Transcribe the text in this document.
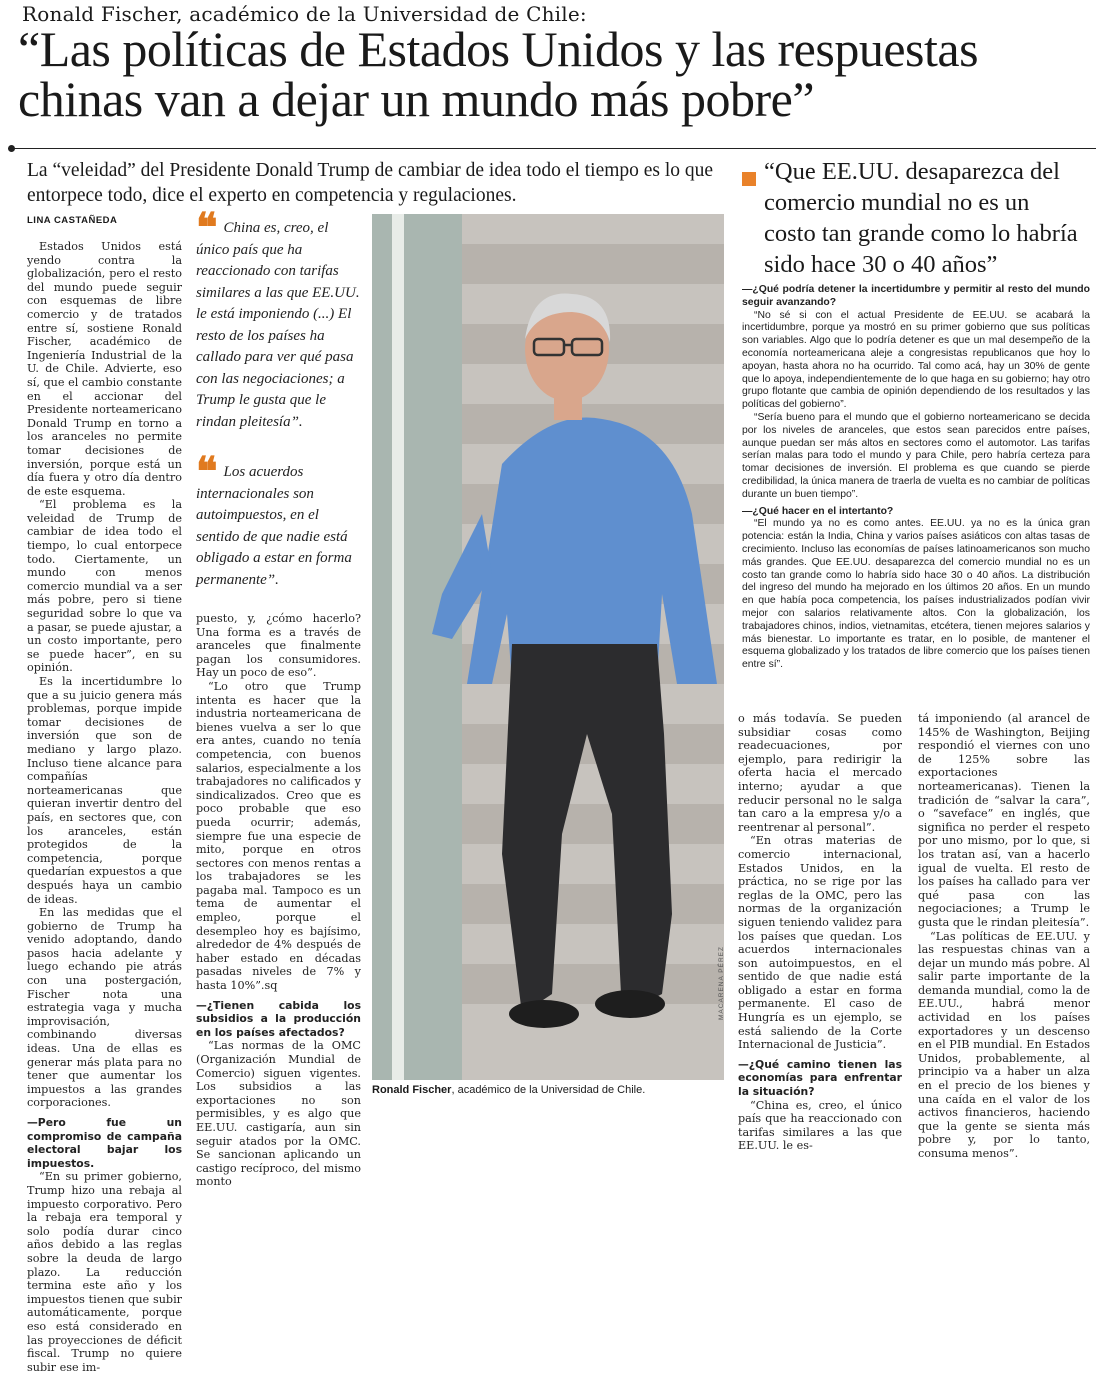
Ronald Fischer, académico de la Universidad de Chile:
“Las políticas de Estados Unidos y las respuestas chinas van a dejar un mundo más pobre”
La “veleidad” del Presidente Donald Trump de cambiar de idea todo el tiempo es lo que entorpece todo, dice el experto en competencia y regulaciones.
LINA CASTAÑEDA

Estados Unidos está yendo contra la globalización, pero el resto del mundo puede seguir con esquemas de libre comercio y de tratados entre sí, sostiene Ronald Fischer, académico de Ingeniería Industrial de la U. de Chile. Advierte, eso sí, que el cambio constante en el accionar del Presidente norteamericano Donald Trump en torno a los aranceles no permite tomar decisiones de inversión, porque está un día fuera y otro día dentro de este esquema.

“El problema es la veleidad de Trump de cambiar de idea todo el tiempo, lo cual entorpece todo. Ciertamente, un mundo con menos comercio mundial va a ser más pobre, pero si tiene seguridad sobre lo que va a pasar, se puede ajustar, a un costo importante, pero se puede hacer”, en su opinión.

Es la incertidumbre lo que a su juicio genera más problemas, porque impide tomar decisiones de inversión que son de mediano y largo plazo. Incluso tiene alcance para compañías norteamericanas que quieran invertir dentro del país, en sectores que, con los aranceles, están protegidos de la competencia, porque quedarían expuestos a que después haya un cambio de ideas.

En las medidas que el gobierno de Trump ha venido adoptando, dando pasos hacia adelante y luego echando pie atrás con una postergación, Fischer nota una estrategia vaga y mucha improvisación, combinando diversas ideas. Una de ellas es generar más plata para no tener que aumentar los impuestos a las grandes corporaciones.

—Pero fue un compromiso de campaña electoral bajar los impuestos.

“En su primer gobierno, Trump hizo una rebaja al impuesto corporativo. Pero la rebaja era temporal y solo podía durar cinco años debido a las reglas sobre la deuda de largo plazo. La reducción termina este año y los impuestos tienen que subir automáticamente, porque eso está considerado en las proyecciones de déficit fiscal. Trump no quiere subir ese im-

❝ China es, creo, el único país que ha reaccionado con tarifas similares a las que EE.UU. le está imponiendo (...) El resto de los países ha callado para ver qué pasa con las negociaciones; a Trump le gusta que le rindan pleitesía”.
❝ Los acuerdos internacionales son autoimpuestos, en el sentido de que nadie está obligado a estar en forma permanente”.

puesto, y, ¿cómo hacerlo? Una forma es a través de aranceles que finalmente pagan los consumidores. Hay un poco de eso”.

“Lo otro que Trump intenta es hacer que la industria norteamericana de bienes vuelva a ser lo que era antes, cuando no tenía competencia, con buenos salarios, especialmente a los trabajadores no calificados y sindicalizados. Creo que es poco probable que eso pueda ocurrir; además, siempre fue una especie de mito, porque en otros sectores con menos rentas a los trabajadores se les pagaba mal. Tampoco es un tema de aumentar el empleo, porque el desempleo hoy es bajísimo, alrededor de 4% después de haber estado en décadas pasadas niveles de 7% y hasta 10%”.sq

—¿Tienen cabida los subsidios a la producción en los países afectados?

“Las normas de la OMC (Organización Mundial de Comercio) siguen vigentes. Los subsidios a las exportaciones no son permisibles, y es algo que EE.UU. castigaría, aun sin seguir atados por la OMC. Se sancionan aplicando un castigo recíproco, del mismo monto

Ronald Fischer, académico de la Universidad de Chile.
MACARENA PÉREZ

o más todavía. Se pueden subsidiar cosas como readecuaciones, por ejemplo, para redirigir la oferta hacia el mercado interno; ayudar a que reducir personal no le salga tan caro a la empresa y/o a reentrenar al personal”.

“En otras materias de comercio internacional, Estados Unidos, en la práctica, no se rige por las reglas de la OMC, pero las normas de la organización siguen teniendo validez para los países que quedan. Los acuerdos internacionales son autoimpuestos, en el sentido de que nadie está obligado a estar en forma permanente. El caso de Hungría es un ejemplo, se está saliendo de la Corte Internacional de Justicia”.

—¿Qué camino tienen las economías para enfrentar la situación?

“China es, creo, el único país que ha reaccionado con tarifas similares a las que EE.UU. le es-

tá imponiendo (al arancel de 145% de Washington, Beijing respondió el viernes con uno de 125% sobre las exportaciones norteamericanas). Tienen la tradición de “salvar la cara”, o “saveface” en inglés, que significa no perder el respeto por uno mismo, por lo que, si los tratan así, van a hacerlo igual de vuelta. El resto de los países ha callado para ver qué pasa con las negociaciones; a Trump le gusta que le rindan pleitesía”.

“Las políticas de EE.UU. y las respuestas chinas van a dejar un mundo más pobre. Al salir parte importante de la demanda mundial, como la de EE.UU., habrá menor actividad en los países exportadores y un descenso en el PIB mundial. En Estados Unidos, probablemente, al principio va a haber un alza en el precio de los bienes y una caída en el valor de los activos financieros, haciendo que la gente se sienta más pobre y, por lo tanto, consuma menos”.

“Que EE.UU. desaparezca del comercio mundial no es un costo tan grande como lo habría sido hace 30 o 40 años”

—¿Qué podría detener la incertidumbre y permitir al resto del mundo seguir avanzando?

“No sé si con el actual Presidente de EE.UU. se acabará la incertidumbre, porque ya mostró en su primer gobierno que sus políticas son variables. Algo que lo podría detener es que un mal desempeño de la economía norteamericana aleje a congresistas republicanos que hoy lo apoyan, hasta ahora no ha ocurrido. Tal como acá, hay un 30% de gente que lo apoya, independientemente de lo que haga en su gobierno; hay otro grupo flotante que cambia de opinión dependiendo de los resultados y las políticas del gobierno”.

“Sería bueno para el mundo que el gobierno norteamericano se decida por los niveles de aranceles, que estos sean parecidos entre países, aunque puedan ser más altos en sectores como el automotor. Las tarifas serían malas para todo el mundo y para Chile, pero habría certeza para tomar decisiones de inversión. El problema es que cuando se pierde credibilidad, la única manera de traerla de vuelta es no cambiar de políticas durante un buen tiempo”.

—¿Qué hacer en el intertanto?

“El mundo ya no es como antes. EE.UU. ya no es la única gran potencia: están la India, China y varios países asiáticos con altas tasas de crecimiento. Incluso las economías de países latinoamericanos son mucho más grandes. Que EE.UU. desaparezca del comercio mundial no es un costo tan grande como lo habría sido hace 30 o 40 años. La distribución del ingreso del mundo ha mejorado en los últimos 20 años. En un mundo en que había poca competencia, los países industrializados podían vivir mejor con salarios relativamente altos. Con la globalización, los trabajadores chinos, indios, vietnamitas, etcétera, tienen mejores salarios y más bienestar. Lo importante es tratar, en lo posible, de mantener el esquema globalizado y los tratados de libre comercio que los países tienen entre sí”.
